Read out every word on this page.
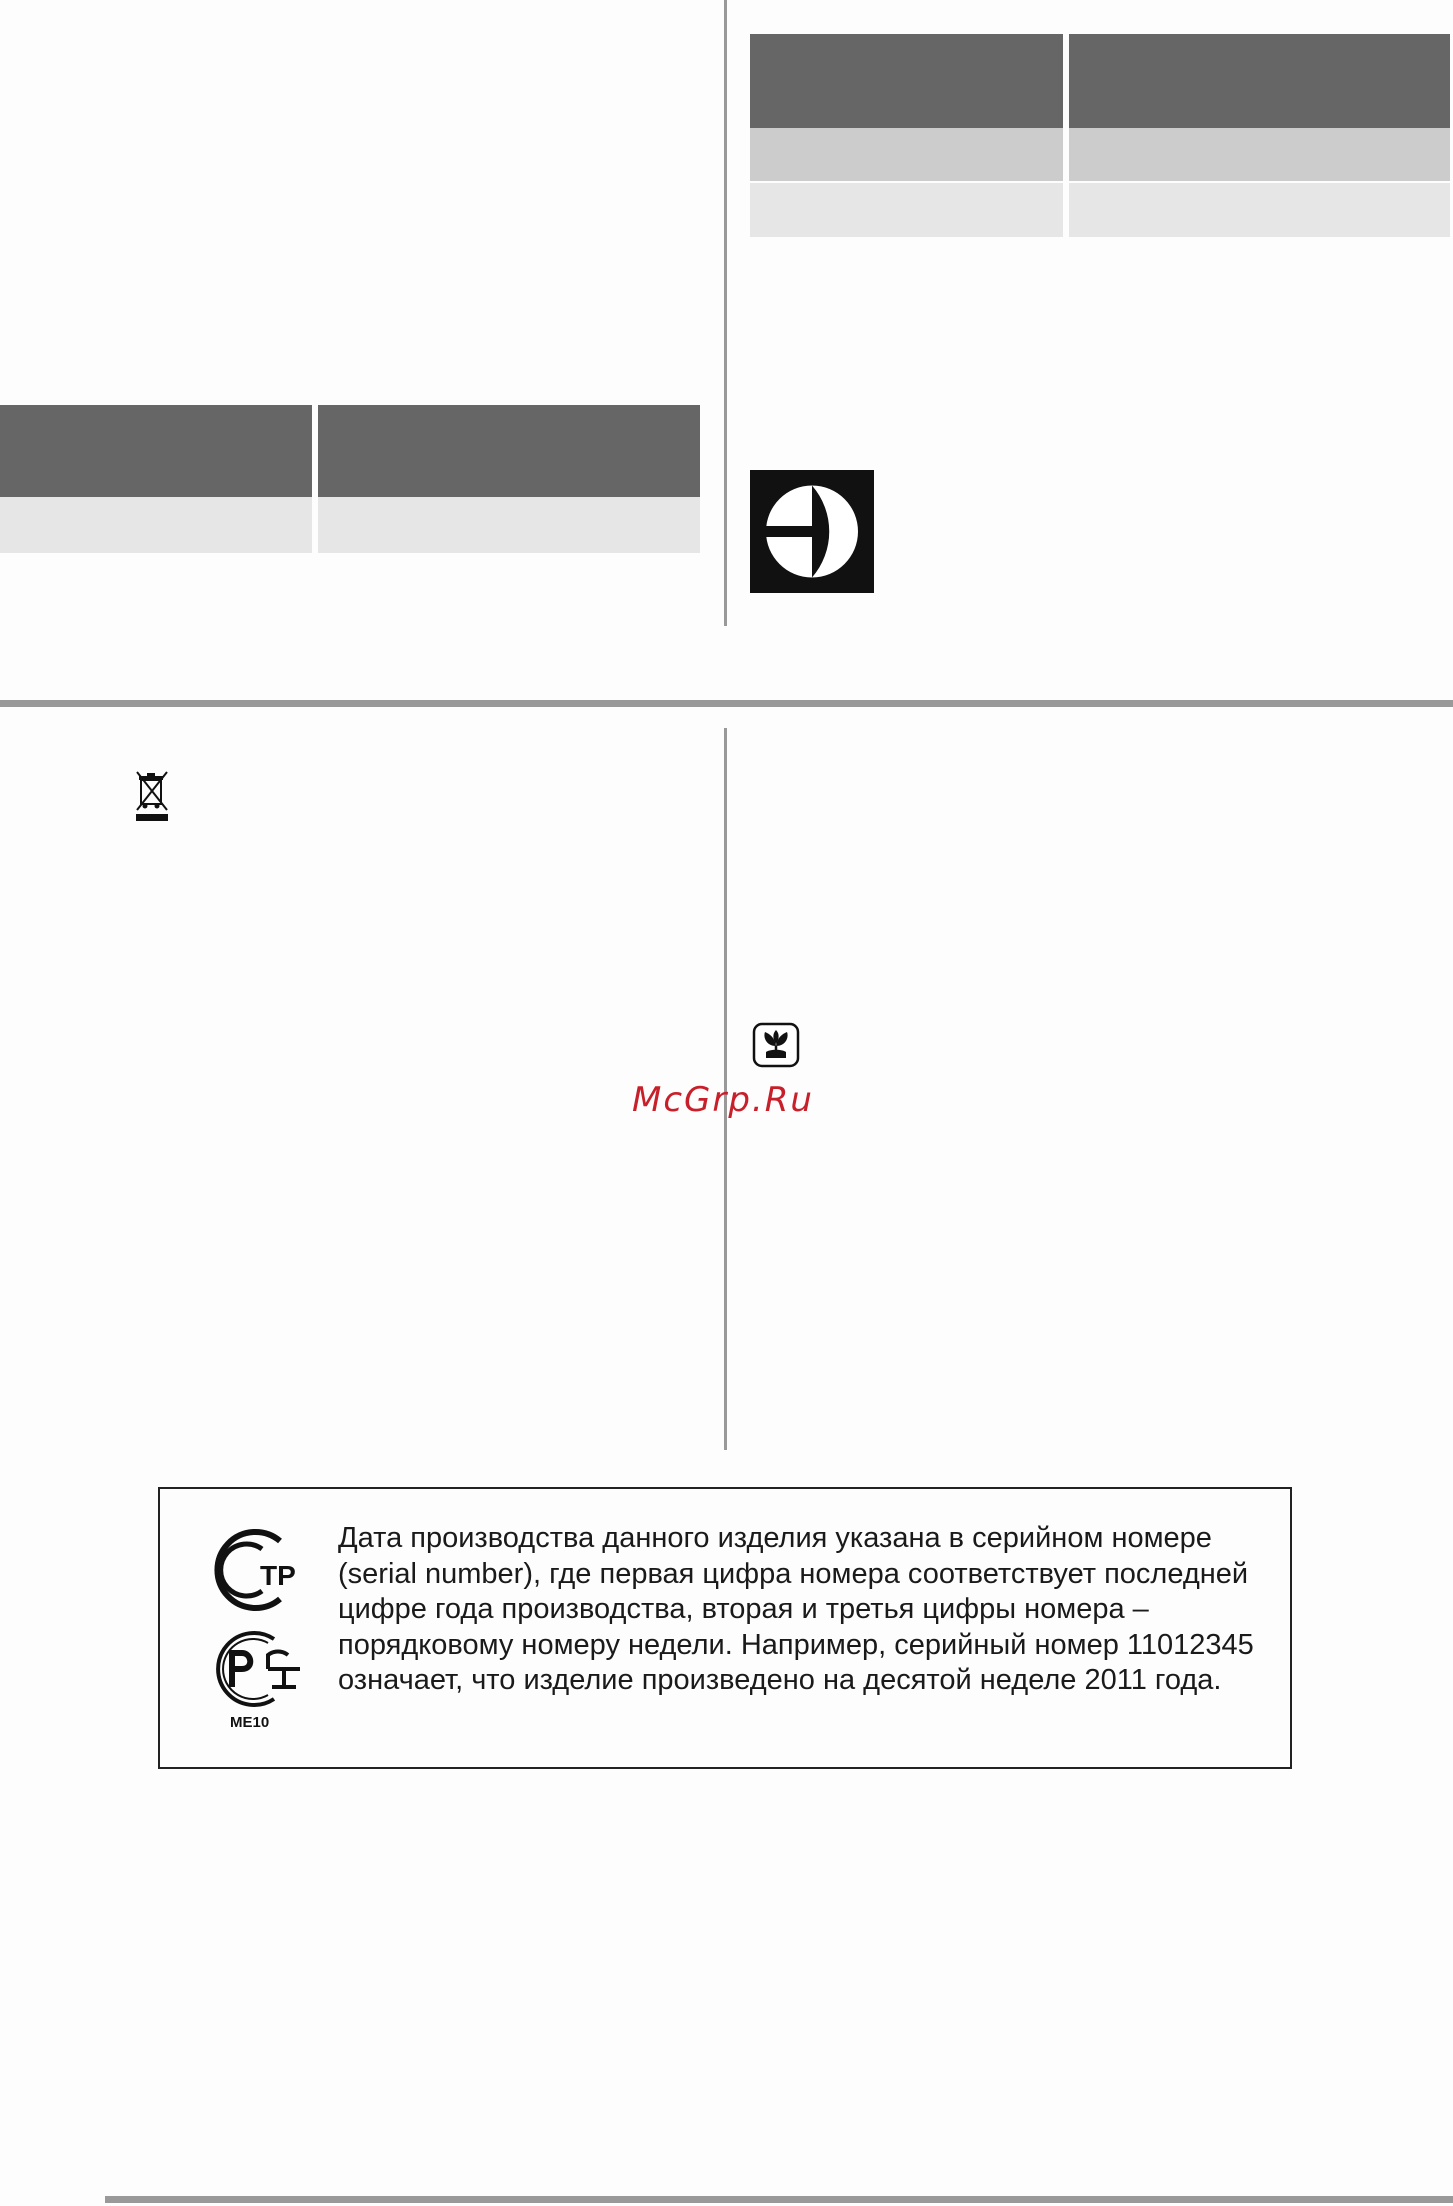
McGrp.Ru
ТР
ME10
Дата производства данного изделия указана в серийном номере (serial number), где первая цифра номера соответствует последней цифре года производства, вторая и третья цифры номера – порядковому номеру недели. Например, серийный номер 11012345 означает, что изделие произведено на десятой неделе 2011 года.
